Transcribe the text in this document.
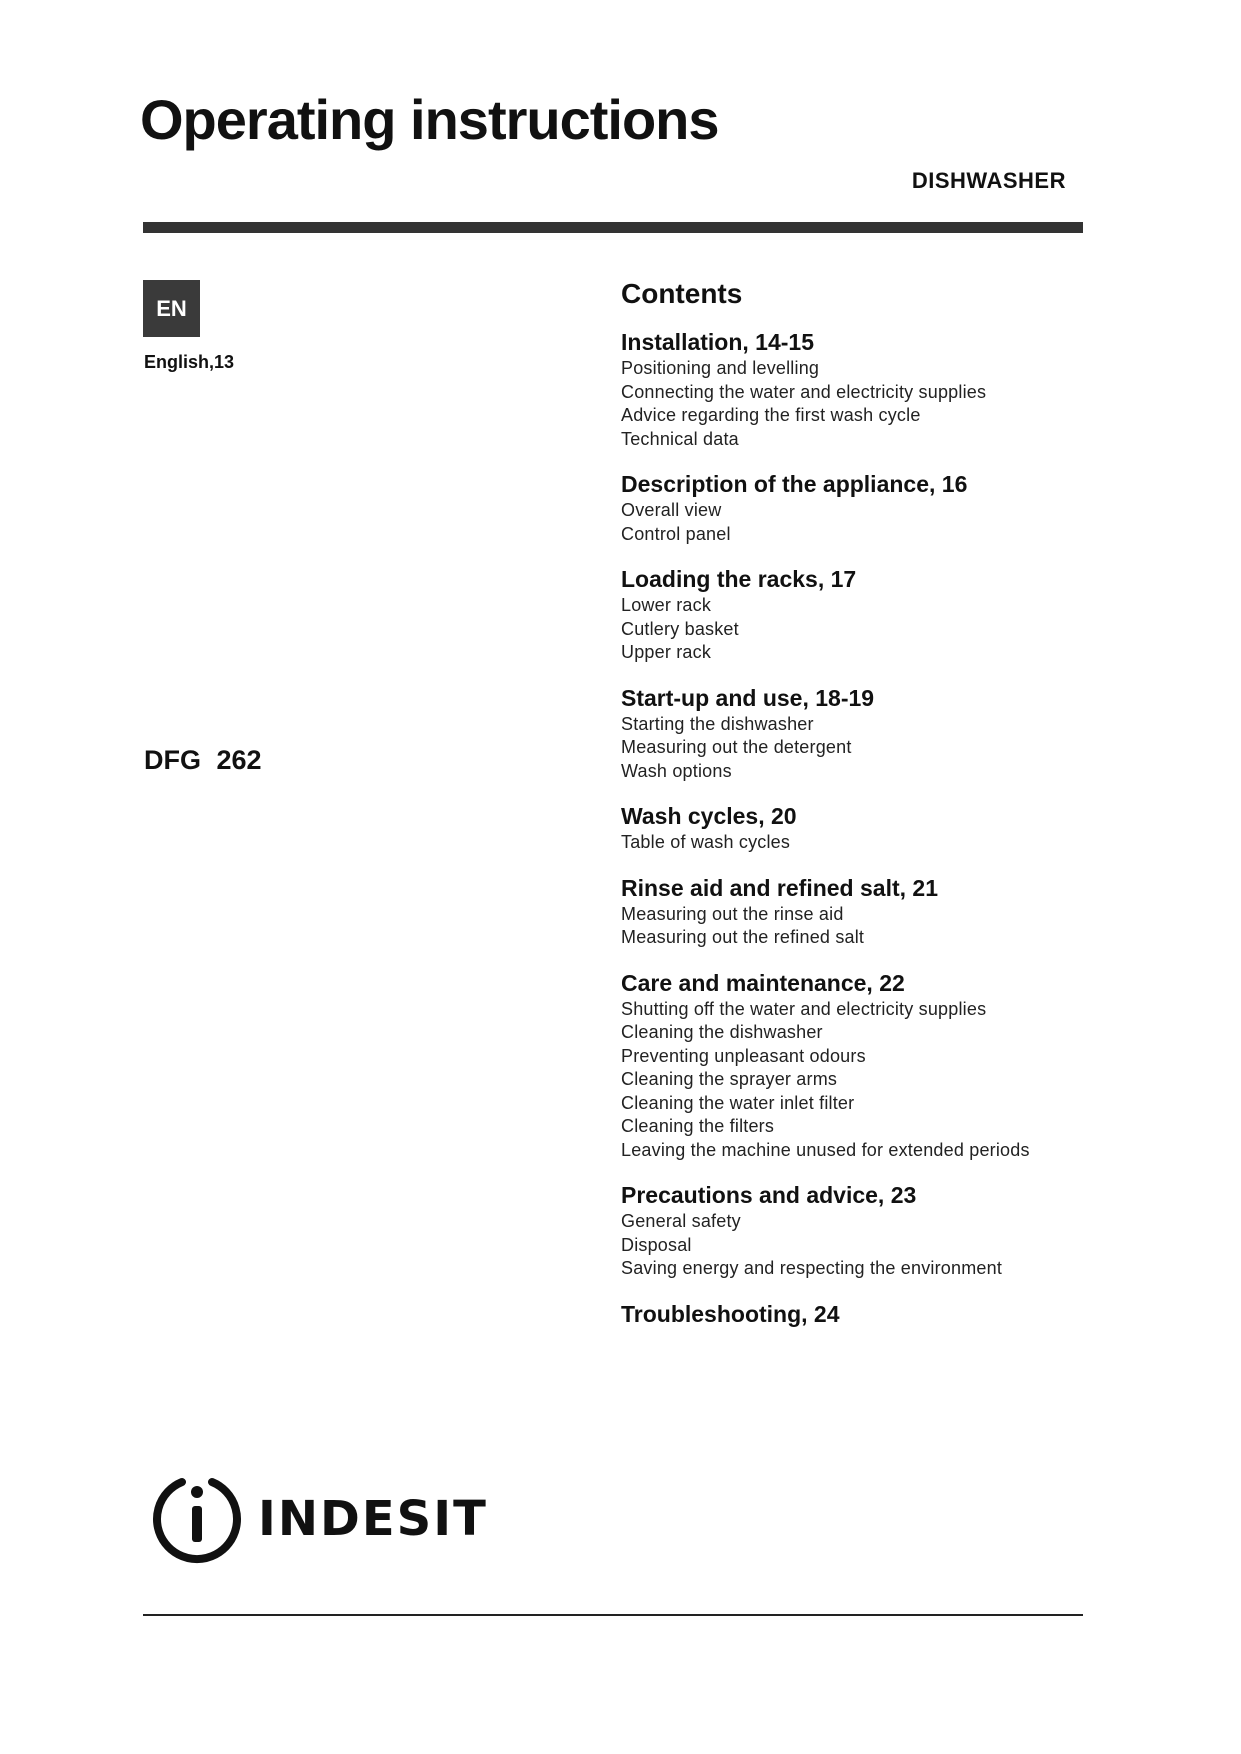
Operating instructions
DISHWASHER
EN
English,13
DFG 262
Contents
Installation, 14-15
Positioning and levelling
Connecting the water and electricity supplies
Advice regarding the first wash cycle
Technical data
Description of the appliance, 16
Overall view
Control panel
Loading the racks, 17
Lower rack
Cutlery basket
Upper rack
Start-up and use, 18-19
Starting the dishwasher
Measuring out the detergent
Wash options
Wash cycles, 20
Table of wash cycles
Rinse aid and refined salt, 21
Measuring out the rinse aid
Measuring out the refined salt
Care and maintenance, 22
Shutting off the water and electricity supplies
Cleaning the dishwasher
Preventing unpleasant odours
Cleaning the sprayer arms
Cleaning the water inlet filter
Cleaning the filters
Leaving the machine unused for extended periods
Precautions and advice, 23
General safety
Disposal
Saving energy and respecting the environment
Troubleshooting, 24
INDESIT
